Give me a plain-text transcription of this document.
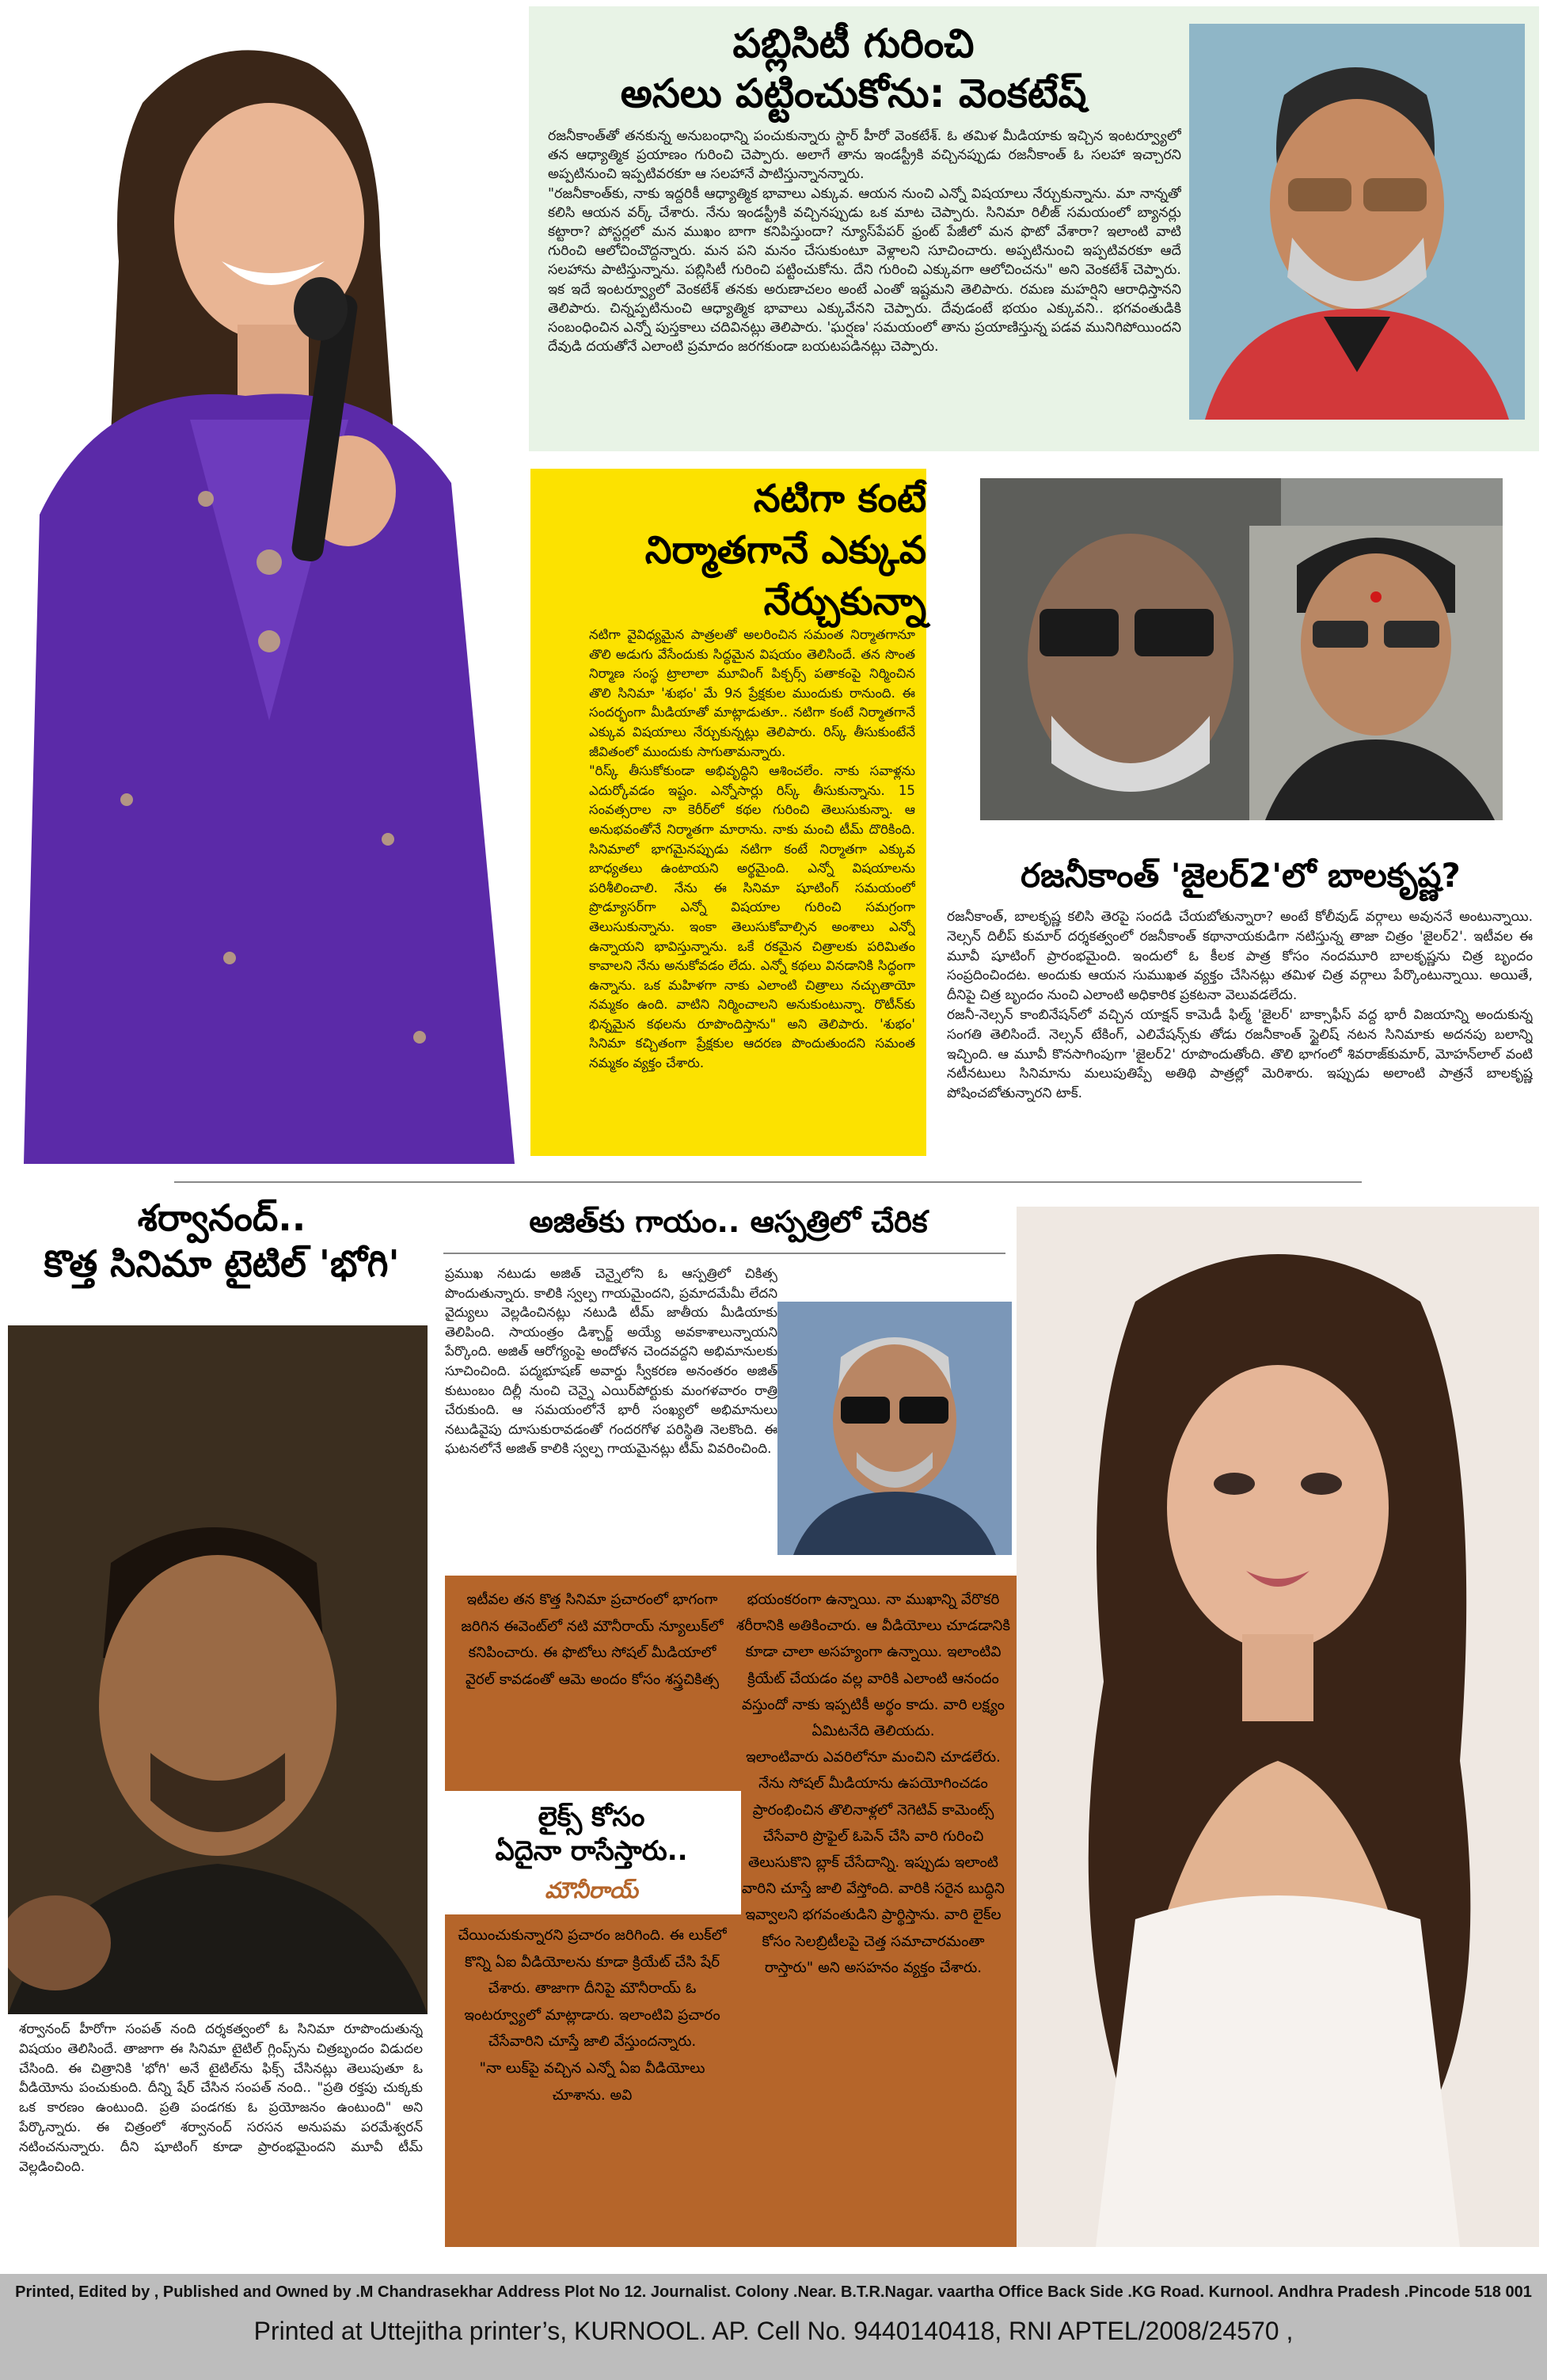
సమంత	పబ్లిసిటీ గురించి
అసలు పట్టించుకోను: వెంకటేష్
రజనీకాంత్‌తో తనకున్న అనుబంధాన్ని పంచుకున్నారు స్టార్ హీరో వెంకటేశ్. ఓ తమిళ మీడియాకు ఇచ్చిన ఇంటర్వ్యూలో తన ఆధ్యాత్మిక ప్రయాణం గురించి చెప్పారు. అలాగే తాను ఇండస్ట్రీకి వచ్చినప్పుడు రజనీకాంత్ ఓ సలహా ఇచ్చారని అప్పటినుంచి ఇప్పటివరకూ ఆ సలహానే పాటిస్తున్నానన్నారు.
"రజనీకాంత్‌కు, నాకు ఇద్దరికీ ఆధ్యాత్మిక భావాలు ఎక్కువ. ఆయన నుంచి ఎన్నో విషయాలు నేర్చుకున్నాను. మా నాన్నతో కలిసి ఆయన వర్క్ చేశారు. నేను ఇండస్ట్రీకి వచ్చినప్పుడు ఒక మాట చెప్పారు. సినిమా రిలీజ్ సమయంలో బ్యానర్లు కట్టారా? పోస్టర్లలో మన ముఖం బాగా కనిపిస్తుందా? న్యూస్‌పేపర్ ఫ్రంట్ పేజీలో మన ఫొటో వేశారా? ఇలాంటి వాటి గురించి ఆలోచించొద్దన్నారు. మన పని మనం చేసుకుంటూ వెళ్లాలని సూచించారు. అప్పటినుంచి ఇప్పటివరకూ ఆదే సలహాను పాటిస్తున్నాను. పబ్లిసిటీ గురించి పట్టించుకోను. దేని గురించి ఎక్కువగా ఆలోచించను" అని వెంకటేశ్ చెప్పారు. ఇక ఇదే ఇంటర్వ్యూలో వెంకటేశ్ తనకు అరుణాచలం అంటే ఎంతో ఇష్టమని తెలిపారు. రమణ మహర్షిని ఆరాధిస్తానని తెలిపారు. చిన్నప్పటినుంచి ఆధ్యాత్మిక భావాలు ఎక్కువేనని చెప్పారు. దేవుడంటే భయం ఎక్కువని.. భగవంతుడికి సంబంధించిన ఎన్నో పుస్తకాలు చదివినట్లు తెలిపారు. 'ఘర్షణ' సమయంలో తాను ప్రయాణిస్తున్న పడవ మునిగిపోయిందని దేవుడి దయతోనే ఎలాంటి ప్రమాదం జరగకుండా బయటపడినట్లు చెప్పారు.
నటిగా కంటే
నిర్మాతగానే ఎక్కువ
నేర్చుకున్నా
నటిగా వైవిధ్యమైన పాత్రలతో అలరించిన సమంత నిర్మాతగానూ తొలి అడుగు వేసేందుకు సిద్ధమైన విషయం తెలిసిందే. తన సొంత నిర్మాణ సంస్థ ట్రాలాలా మూవింగ్ పిక్చర్స్ పతాకంపై నిర్మించిన తొలి సినిమా 'శుభం' మే 9న ప్రేక్షకుల ముందుకు రానుంది. ఈ సందర్భంగా మీడియాతో మాట్లాడుతూ.. నటిగా కంటే నిర్మాతగానే ఎక్కువ విషయాలు నేర్చుకున్నట్లు తెలిపారు. రిస్క్ తీసుకుంటేనే జీవితంలో ముందుకు సాగుతామన్నారు.
"రిస్క్ తీసుకోకుండా అభివృద్ధిని ఆశించలేం. నాకు సవాళ్లను ఎదుర్కోవడం ఇష్టం. ఎన్నోసార్లు రిస్క్ తీసుకున్నాను. 15 సంవత్సరాల నా కెరీర్‌లో కథల గురించి తెలుసుకున్నా. ఆ అనుభవంతోనే నిర్మాతగా మారాను. నాకు మంచి టీమ్ దొరికింది. సినిమాలో భాగమైనప్పుడు నటిగా కంటే నిర్మాతగా ఎక్కువ బాధ్యతలు ఉంటాయని అర్థమైంది. ఎన్నో విషయాలను పరిశీలించాలి. నేను ఈ సినిమా షూటింగ్ సమయంలో ప్రొడ్యూసర్‌గా ఎన్నో విషయాల గురించి సమగ్రంగా తెలుసుకున్నాను. ఇంకా తెలుసుకోవాల్సిన అంశాలు ఎన్నో ఉన్నాయని భావిస్తున్నాను. ఒకే రకమైన చిత్రాలకు పరిమితం కావాలని నేను అనుకోవడం లేదు. ఎన్నో కథలు వినడానికి సిద్ధంగా ఉన్నాను. ఒక మహిళగా నాకు ఎలాంటి చిత్రాలు నచ్చుతాయో నమ్మకం ఉంది. వాటిని నిర్మించాలని అనుకుంటున్నా. రొటీన్‌కు భిన్నమైన కథలను రూపొందిస్తాను" అని తెలిపారు. 'శుభం' సినిమా కచ్చితంగా ప్రేక్షకుల ఆదరణ పొందుతుందని సమంత నమ్మకం వ్యక్తం చేశారు.
రజనీకాంత్ 'జైలర్2'లో బాలకృష్ణ?
రజనీకాంత్, బాలకృష్ణ కలిసి తెరపై సందడి చేయబోతున్నారా? అంటే కోలీవుడ్ వర్గాలు అవుననే అంటున్నాయి. నెల్సన్ దిలీప్ కుమార్ దర్శకత్వంలో రజనీకాంత్ కథానాయకుడిగా నటిస్తున్న తాజా చిత్రం 'జైలర్2'. ఇటీవల ఈ మూవీ షూటింగ్ ప్రారంభమైంది. ఇందులో ఓ కీలక పాత్ర కోసం నందమూరి బాలకృష్ణను చిత్ర బృందం సంప్రదించిందట. అందుకు ఆయన సుముఖత వ్యక్తం చేసినట్లు తమిళ చిత్ర వర్గాలు పేర్కొంటున్నాయి. అయితే, దీనిపై చిత్ర బృందం నుంచి ఎలాంటి అధికారిక ప్రకటనా వెలువడలేదు.
రజనీ-నెల్సన్ కాంబినేషన్‌లో వచ్చిన యాక్షన్ కామెడీ ఫిల్మ్ 'జైలర్' బాక్సాఫీస్ వద్ద భారీ విజయాన్ని అందుకున్న సంగతి తెలిసిందే. నెల్సన్ టేకింగ్, ఎలివేషన్స్‌కు తోడు రజనీకాంత్ స్టైలిష్ నటన సినిమాకు అదనపు బలాన్ని ఇచ్చింది. ఆ మూవీ కొనసాగింపుగా 'జైలర్2' రూపొందుతోంది. తొలి భాగంలో శివరాజ్‌కుమార్, మోహన్‌లాల్ వంటి నటీనటులు సినిమాను మలుపుతిప్పే అతిథి పాత్రల్లో మెరిశారు. ఇప్పుడు అలాంటి పాత్రనే బాలకృష్ణ పోషించబోతున్నారని టాక్.
శర్వానంద్..
కొత్త సినిమా టైటిల్ 'భోగి'
శర్వానంద్ హీరోగా సంపత్ నంది దర్శకత్వంలో ఓ సినిమా రూపొందుతున్న విషయం తెలిసిందే. తాజాగా ఈ సినిమా టైటిల్ గ్లింప్స్‌ను చిత్రబృందం విడుదల చేసింది. ఈ చిత్రానికి 'భోగి' అనే టైటిల్‌ను ఫిక్స్ చేసినట్లు తెలుపుతూ ఓ వీడియోను పంచుకుంది. దీన్ని షేర్ చేసిన సంపత్ నంది.. "ప్రతి రక్తపు చుక్కకు ఒక కారణం ఉంటుంది. ప్రతి పండగకు ఓ ప్రయోజనం ఉంటుంది" అని పేర్కొన్నారు. ఈ చిత్రంలో శర్వానంద్ సరసన అనుపమ పరమేశ్వరన్ నటించనున్నారు. దీని షూటింగ్ కూడా ప్రారంభమైందని మూవీ టీమ్ వెల్లడించింది.
అజిత్‌కు గాయం.. ఆస్పత్రిలో చేరిక
ప్రముఖ నటుడు అజిత్ చెన్నైలోని ఓ ఆస్పత్రిలో చికిత్స పొందుతున్నారు. కాలికి స్వల్ప గాయమైందని, ప్రమాదమేమీ లేదని వైద్యులు వెల్లడించినట్లు నటుడి టీమ్ జాతీయ మీడియాకు తెలిపింది. సాయంత్రం డిశ్చార్జ్ అయ్యే అవకాశాలున్నాయని పేర్కొంది. అజిత్ ఆరోగ్యంపై అందోళన చెందవద్దని అభిమానులకు సూచించింది. పద్మభూషణ్ అవార్డు స్వీకరణ అనంతరం అజిత్ కుటుంబం దిల్లీ నుంచి చెన్నై ఎయిర్‌పోర్టుకు మంగళవారం రాత్రి చేరుకుంది. ఆ సమయంలోనే భారీ సంఖ్యలో అభిమానులు నటుడివైపు దూసుకురావడంతో గందరగోళ పరిస్థితి నెలకొంది. ఈ ఘటనలోనే అజిత్ కాలికి స్వల్ప గాయమైనట్లు టీమ్ వివరించింది.
ఇటీవల తన కొత్త సినిమా ప్రచారంలో భాగంగా జరిగిన ఈవెంట్‌లో నటి మౌనీరాయ్ న్యూలుక్‌లో కనిపించారు. ఈ ఫొటోలు సోషల్ మీడియాలో వైరల్ కావడంతో ఆమె అందం కోసం శస్త్రచికిత్స
లైక్స్ కోసం
ఏదైనా రాసేస్తారు..
మౌనీరాయ్
చేయించుకున్నారని ప్రచారం జరిగింది. ఈ లుక్‌లో కొన్ని ఏఐ వీడియోలను కూడా క్రియేట్ చేసి షేర్ చేశారు. తాజాగా దీనిపై మౌనీరాయ్ ఓ ఇంటర్వ్యూలో మాట్లాడారు. ఇలాంటివి ప్రచారం చేసేవారిని చూస్తే జాలి వేస్తుందన్నారు.
"నా లుక్‌పై వచ్చిన ఎన్నో ఏఐ వీడియోలు చూశాను. అవి
భయంకరంగా ఉన్నాయి. నా ముఖాన్ని వేరొకరి శరీరానికి అతికించారు. ఆ వీడియోలు చూడడానికి కూడా చాలా అసహ్యంగా ఉన్నాయి. ఇలాంటివి క్రియేట్ చేయడం వల్ల వారికి ఎలాంటి ఆనందం వస్తుందో నాకు ఇప్పటికీ అర్థం కాదు. వారి లక్ష్యం ఏమిటనేది తెలియదు.
ఇలాంటివారు ఎవరిలోనూ మంచిని చూడలేరు. నేను సోషల్ మీడియాను ఉపయోగించడం ప్రారంభించిన తొలినాళ్లలో నెగెటివ్ కామెంట్స్ చేసేవారి ప్రొఫైల్ ఓపెన్ చేసి వారి గురించి తెలుసుకొని బ్లాక్ చేసేదాన్ని. ఇప్పుడు ఇలాంటి వారిని చూస్తే జాలి వేస్తోంది. వారికి సరైన బుద్ధిని ఇవ్వాలని భగవంతుడిని ప్రార్థిస్తాను. వారి లైక్‌ల కోసం సెలబ్రిటీలపై చెత్త సమాచారమంతా రాస్తారు" అని అసహనం వ్యక్తం చేశారు.
Printed, Edited by , Published and Owned by .M Chandrasekhar Address Plot No 12. Journalist. Colony .Near. B.T.R.Nagar. vaartha Office Back Side .KG Road. Kurnool. Andhra Pradesh .Pincode 518 001
Printed at Uttejitha printer’s, KURNOOL. AP. Cell No. 9440140418, RNI APTEL/2008/24570 ,
